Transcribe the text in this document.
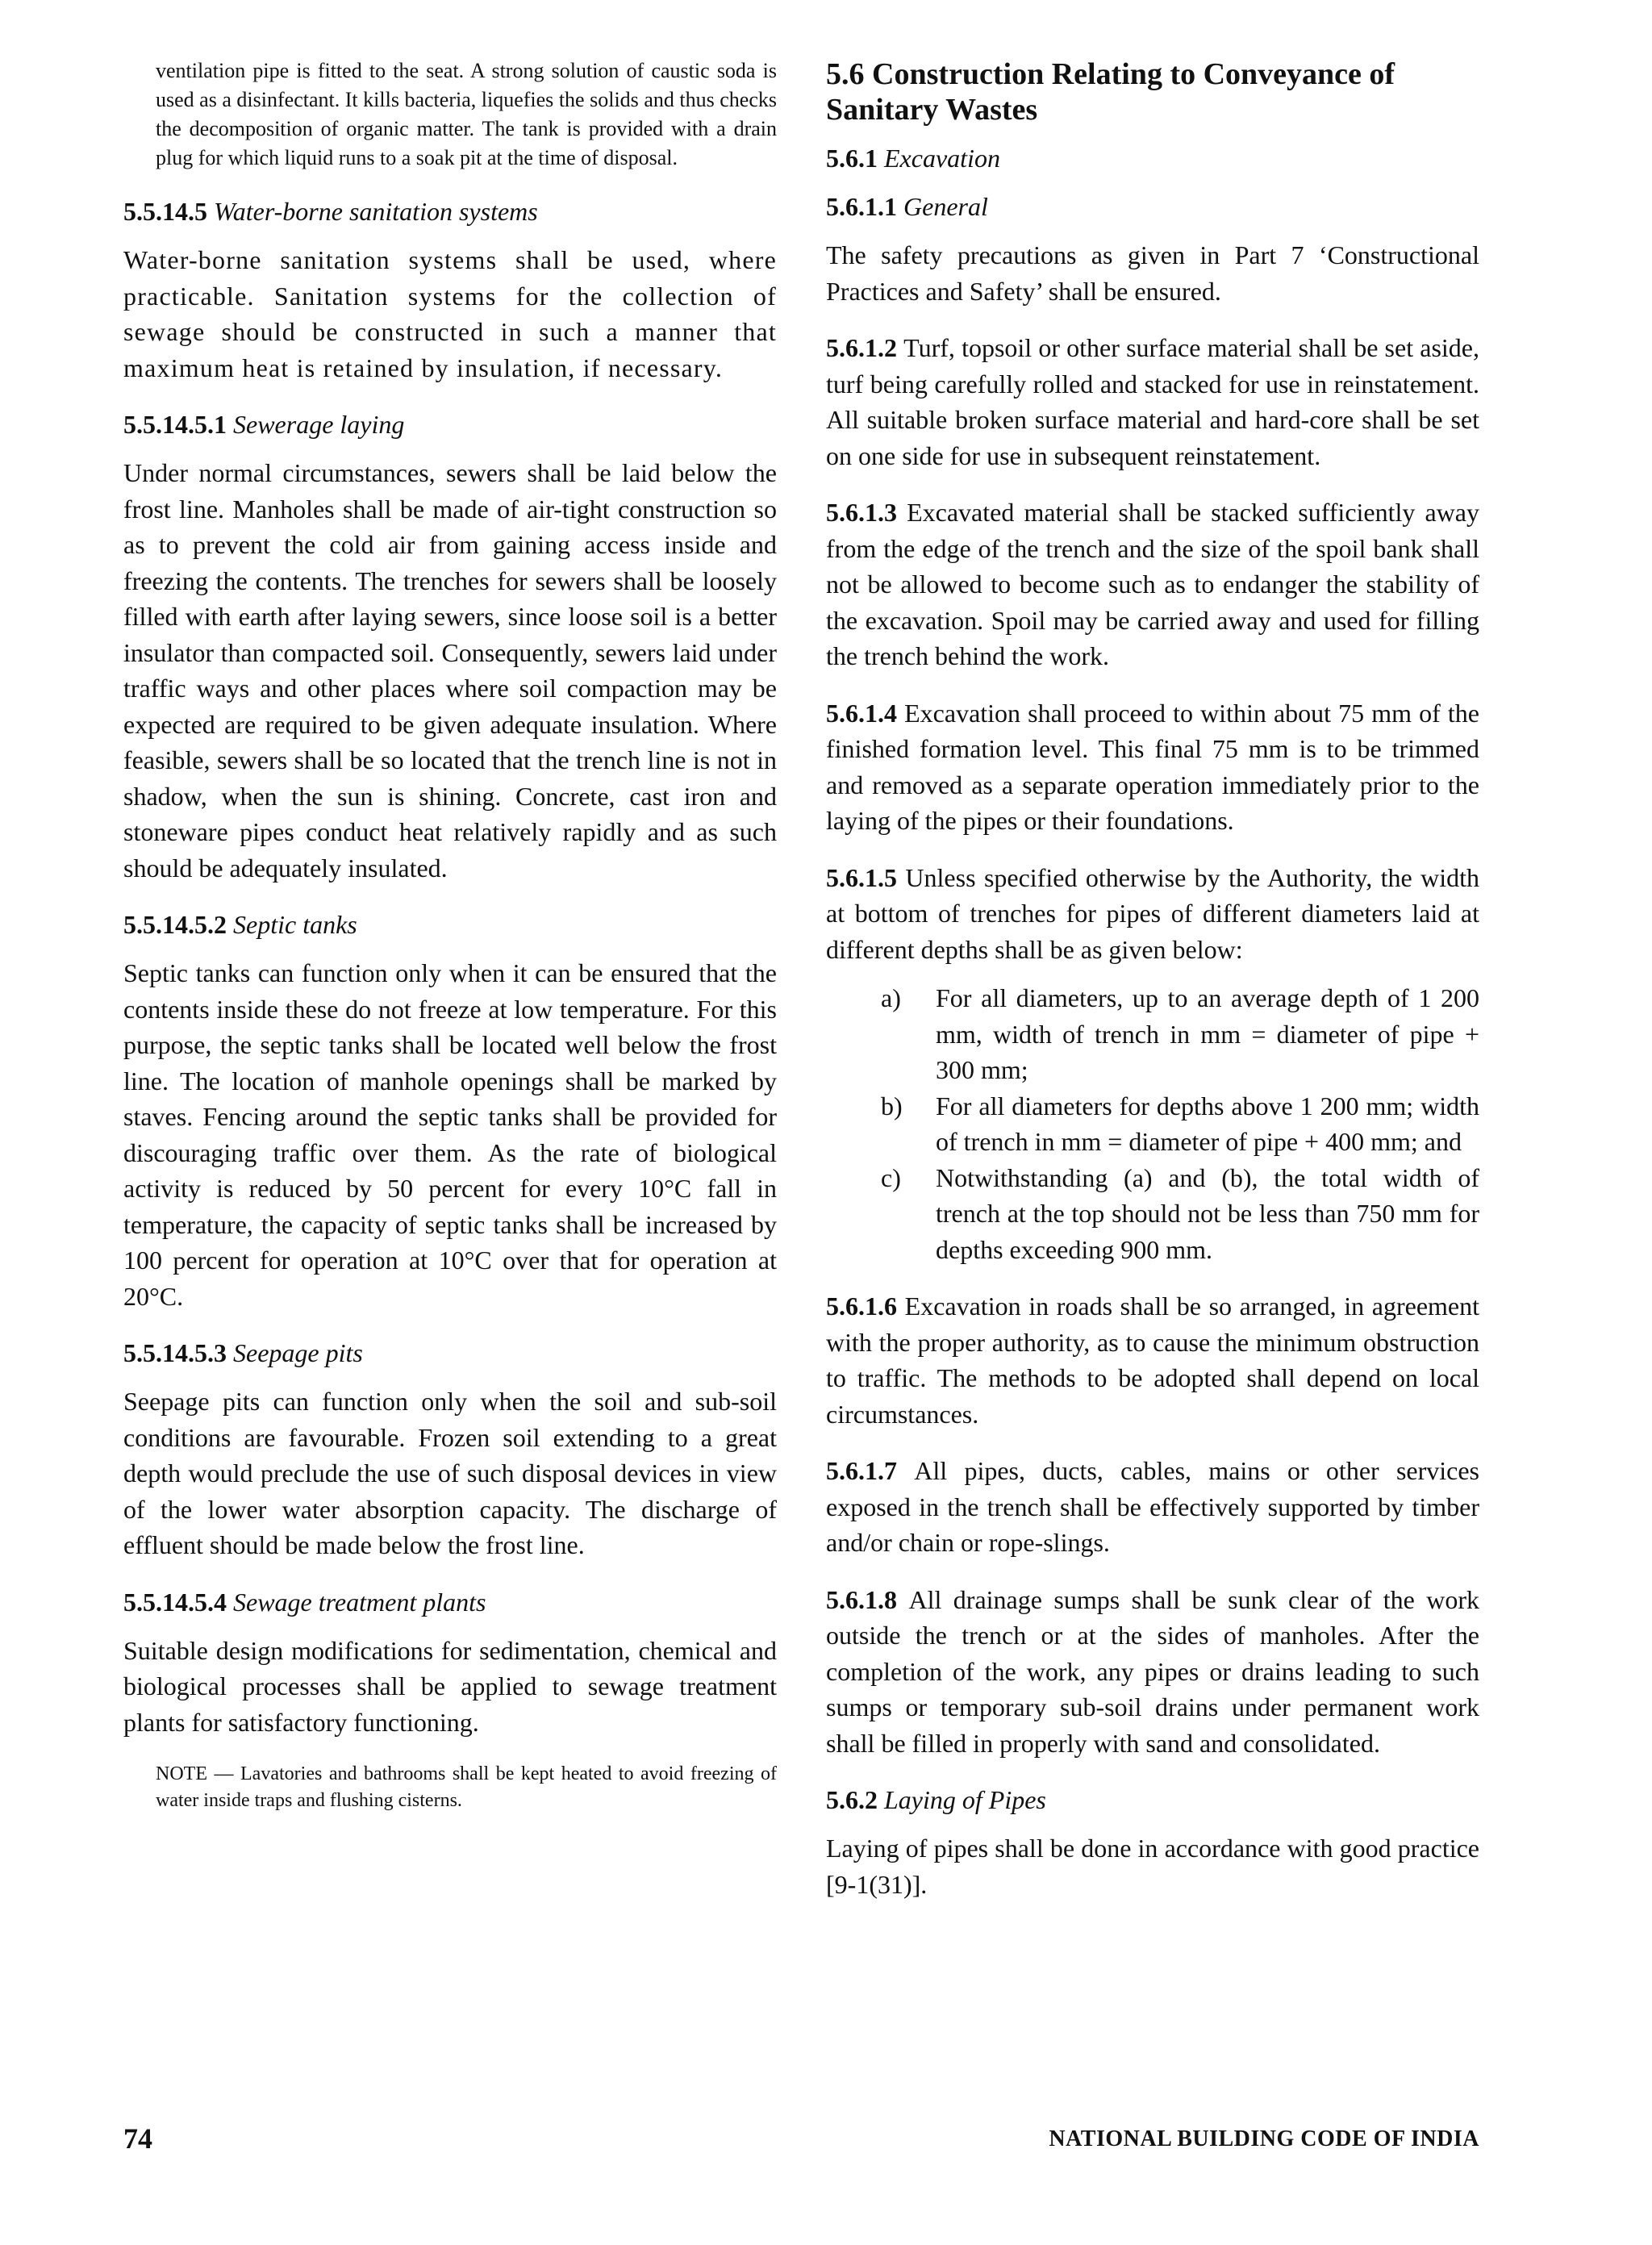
ventilation pipe is fitted to the seat. A strong solution of caustic soda is used as a disinfectant. It kills bacteria, liquefies the solids and thus checks the decomposition of organic matter. The tank is provided with a drain plug for which liquid runs to a soak pit at the time of disposal.

5.5.14.5 Water-borne sanitation systems

Water-borne sanitation systems shall be used, where practicable. Sanitation systems for the collection of sewage should be constructed in such a manner that maximum heat is retained by insulation, if necessary.

5.5.14.5.1 Sewerage laying

Under normal circumstances, sewers shall be laid below the frost line. Manholes shall be made of air-tight construction so as to prevent the cold air from gaining access inside and freezing the contents. The trenches for sewers shall be loosely filled with earth after laying sewers, since loose soil is a better insulator than compacted soil. Consequently, sewers laid under traffic ways and other places where soil compaction may be expected are required to be given adequate insulation. Where feasible, sewers shall be so located that the trench line is not in shadow, when the sun is shining. Concrete, cast iron and stoneware pipes conduct heat relatively rapidly and as such should be adequately insulated.

5.5.14.5.2 Septic tanks

Septic tanks can function only when it can be ensured that the contents inside these do not freeze at low temperature. For this purpose, the septic tanks shall be located well below the frost line. The location of manhole openings shall be marked by staves. Fencing around the septic tanks shall be provided for discouraging traffic over them. As the rate of biological activity is reduced by 50 percent for every 10°C fall in temperature, the capacity of septic tanks shall be increased by 100 percent for operation at 10°C over that for operation at 20°C.

5.5.14.5.3 Seepage pits

Seepage pits can function only when the soil and sub-soil conditions are favourable. Frozen soil extending to a great depth would preclude the use of such disposal devices in view of the lower water absorption capacity. The discharge of effluent should be made below the frost line.

5.5.14.5.4 Sewage treatment plants

Suitable design modifications for sedimentation, chemical and biological processes shall be applied to sewage treatment plants for satisfactory functioning.

NOTE — Lavatories and bathrooms shall be kept heated to avoid freezing of water inside traps and flushing cisterns.

5.6 Construction Relating to Conveyance of Sanitary Wastes

5.6.1 Excavation

5.6.1.1 General

The safety precautions as given in Part 7 ‘Constructional Practices and Safety’ shall be ensured.

5.6.1.2 Turf, topsoil or other surface material shall be set aside, turf being carefully rolled and stacked for use in reinstatement. All suitable broken surface material and hard-core shall be set on one side for use in subsequent reinstatement.

5.6.1.3 Excavated material shall be stacked sufficiently away from the edge of the trench and the size of the spoil bank shall not be allowed to become such as to endanger the stability of the excavation. Spoil may be carried away and used for filling the trench behind the work.

5.6.1.4 Excavation shall proceed to within about 75 mm of the finished formation level. This final 75 mm is to be trimmed and removed as a separate operation immediately prior to the laying of the pipes or their foundations.

5.6.1.5 Unless specified otherwise by the Authority, the width at bottom of trenches for pipes of different diameters laid at different depths shall be as given below:

a) For all diameters, up to an average depth of 1 200 mm, width of trench in mm = diameter of pipe + 300 mm;
b) For all diameters for depths above 1 200 mm; width of trench in mm = diameter of pipe + 400 mm; and
c) Notwithstanding (a) and (b), the total width of trench at the top should not be less than 750 mm for depths exceeding 900 mm.

5.6.1.6 Excavation in roads shall be so arranged, in agreement with the proper authority, as to cause the minimum obstruction to traffic. The methods to be adopted shall depend on local circumstances.

5.6.1.7 All pipes, ducts, cables, mains or other services exposed in the trench shall be effectively supported by timber and/or chain or rope-slings.

5.6.1.8 All drainage sumps shall be sunk clear of the work outside the trench or at the sides of manholes. After the completion of the work, any pipes or drains leading to such sumps or temporary sub-soil drains under permanent work shall be filled in properly with sand and consolidated.

5.6.2 Laying of Pipes

Laying of pipes shall be done in accordance with good practice [9-1(31)].

74	NATIONAL BUILDING CODE OF INDIA
